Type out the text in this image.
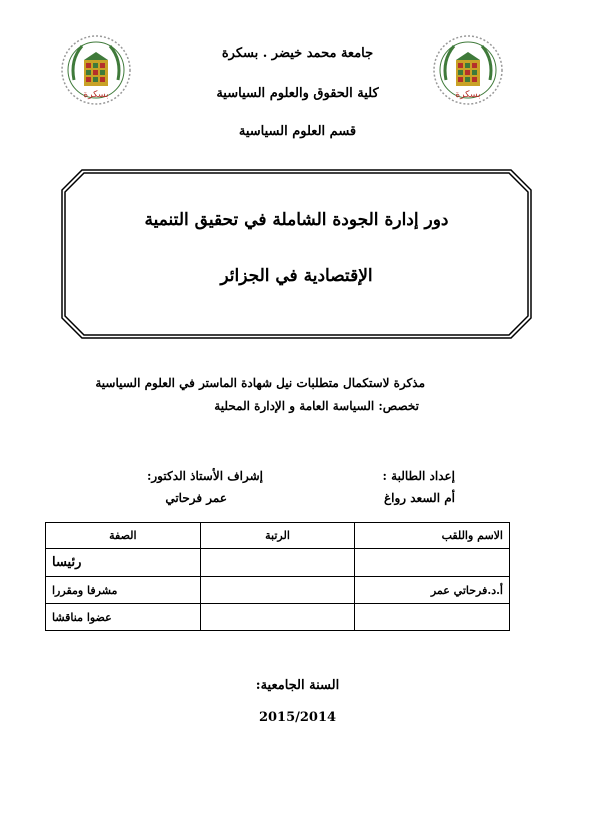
بسكرة	بسكرة
جامعة محمد خيضر . بسكرة
كلية الحقوق والعلوم السياسية
قسم العلوم السياسية
دور إدارة الجودة الشاملة في تحقيق التنمية
الإقتصادية في الجزائر
مذكرة لاستكمال متطلبات نيل شهادة الماستر في العلوم السياسية
تخصص: السياسة العامة و الإدارة المحلية
إعداد الطالبة :
أم السعد رواغ
إشراف الأستاذ الدكتور:
عمر فرحاتي
الاسم واللقب	الرتبة	الصفة

		رئيسا

أ.د.فرحاتي عمر		مشرفا ومقررا

		عضوا مناقشا
السنة الجامعية:
2015/2014
